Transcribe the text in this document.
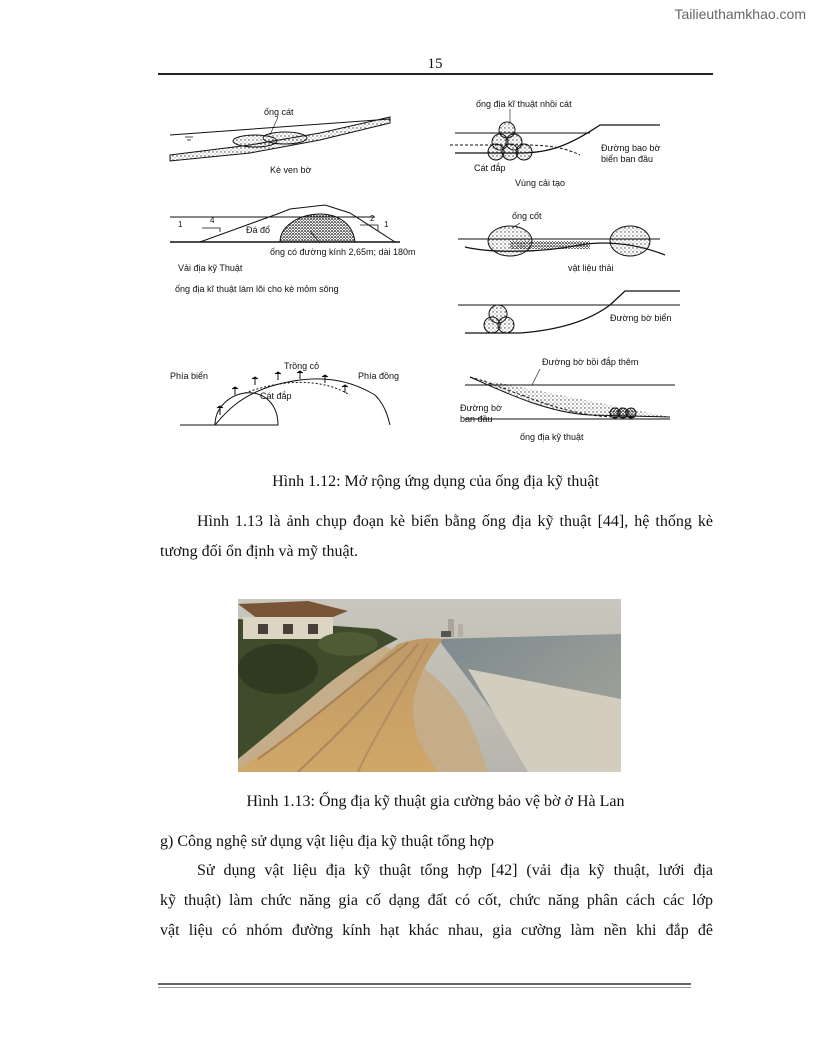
Tailieuthamkhao.com
15
ống cát
Kè ven bờ
1	4	2
1
Đá đổ
ống có đường kính 2,65m; dài 180m
Vải địa kỹ Thuật
ống địa kĩ thuật làm lõi cho kè mỏm sông
Phía biển
Trồng cỏ
Phía đồng
Cát đắp
ống địa kĩ thuật nhồi cát
Đường bao bờ
biển ban đầu
Cát đắp
Vùng cải tạo
ống cốt
vật liệu thải
Đường bờ biển
Đường bờ bồi đắp thêm
Đường bờ
ban đầu
ống địa kỹ thuật
Hình 1.12: Mở rộng ứng dụng của ống địa kỹ thuật
Hình 1.13 là ảnh chụp đoạn kè biển bằng ống địa kỹ thuật [44], hệ thống kè tương đối ổn định và mỹ thuật.
Hình 1.13: Ống địa kỹ thuật gia cường bảo vệ bờ ở Hà Lan
g) Công nghệ sử dụng vật liệu địa kỹ thuật tổng hợp
Sử dụng vật liệu địa kỹ thuật tổng hợp [42] (vải địa kỹ thuật, lưới địa
kỹ thuật) làm chức năng gia cố dạng đất có cốt, chức năng phân cách các lớp
vật liệu có nhóm đường kính hạt khác nhau, gia cường làm nền khi đắp đê
